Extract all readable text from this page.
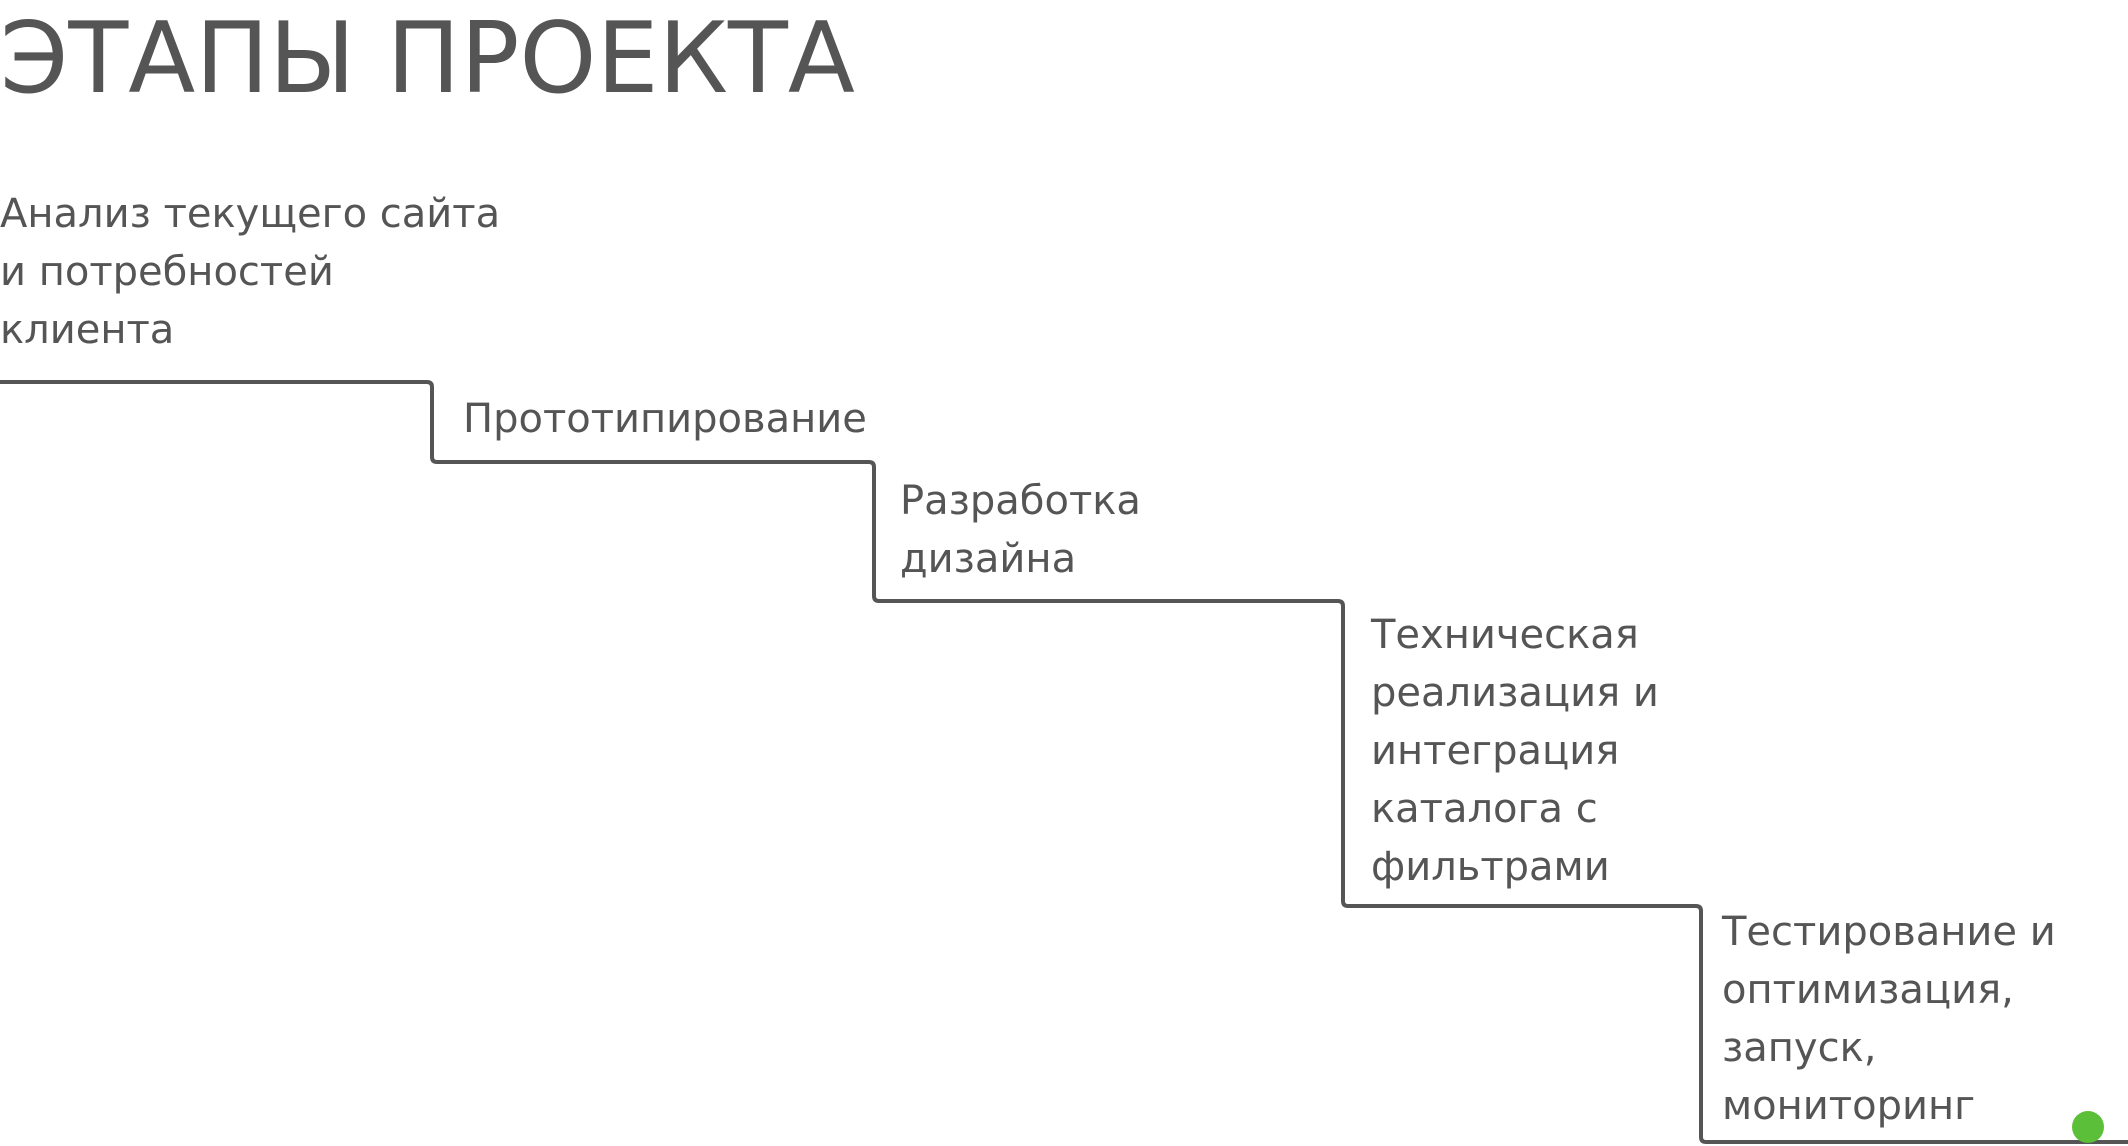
ЭТАПЫ ПРОЕКТА
Анализ текущего сайта
и потребностей
клиента
Прототипирование
Разработка
дизайна
Техническая
реализация и
интеграция
каталога с
фильтрами
Тестирование и
оптимизация,
запуск,
мониторинг
